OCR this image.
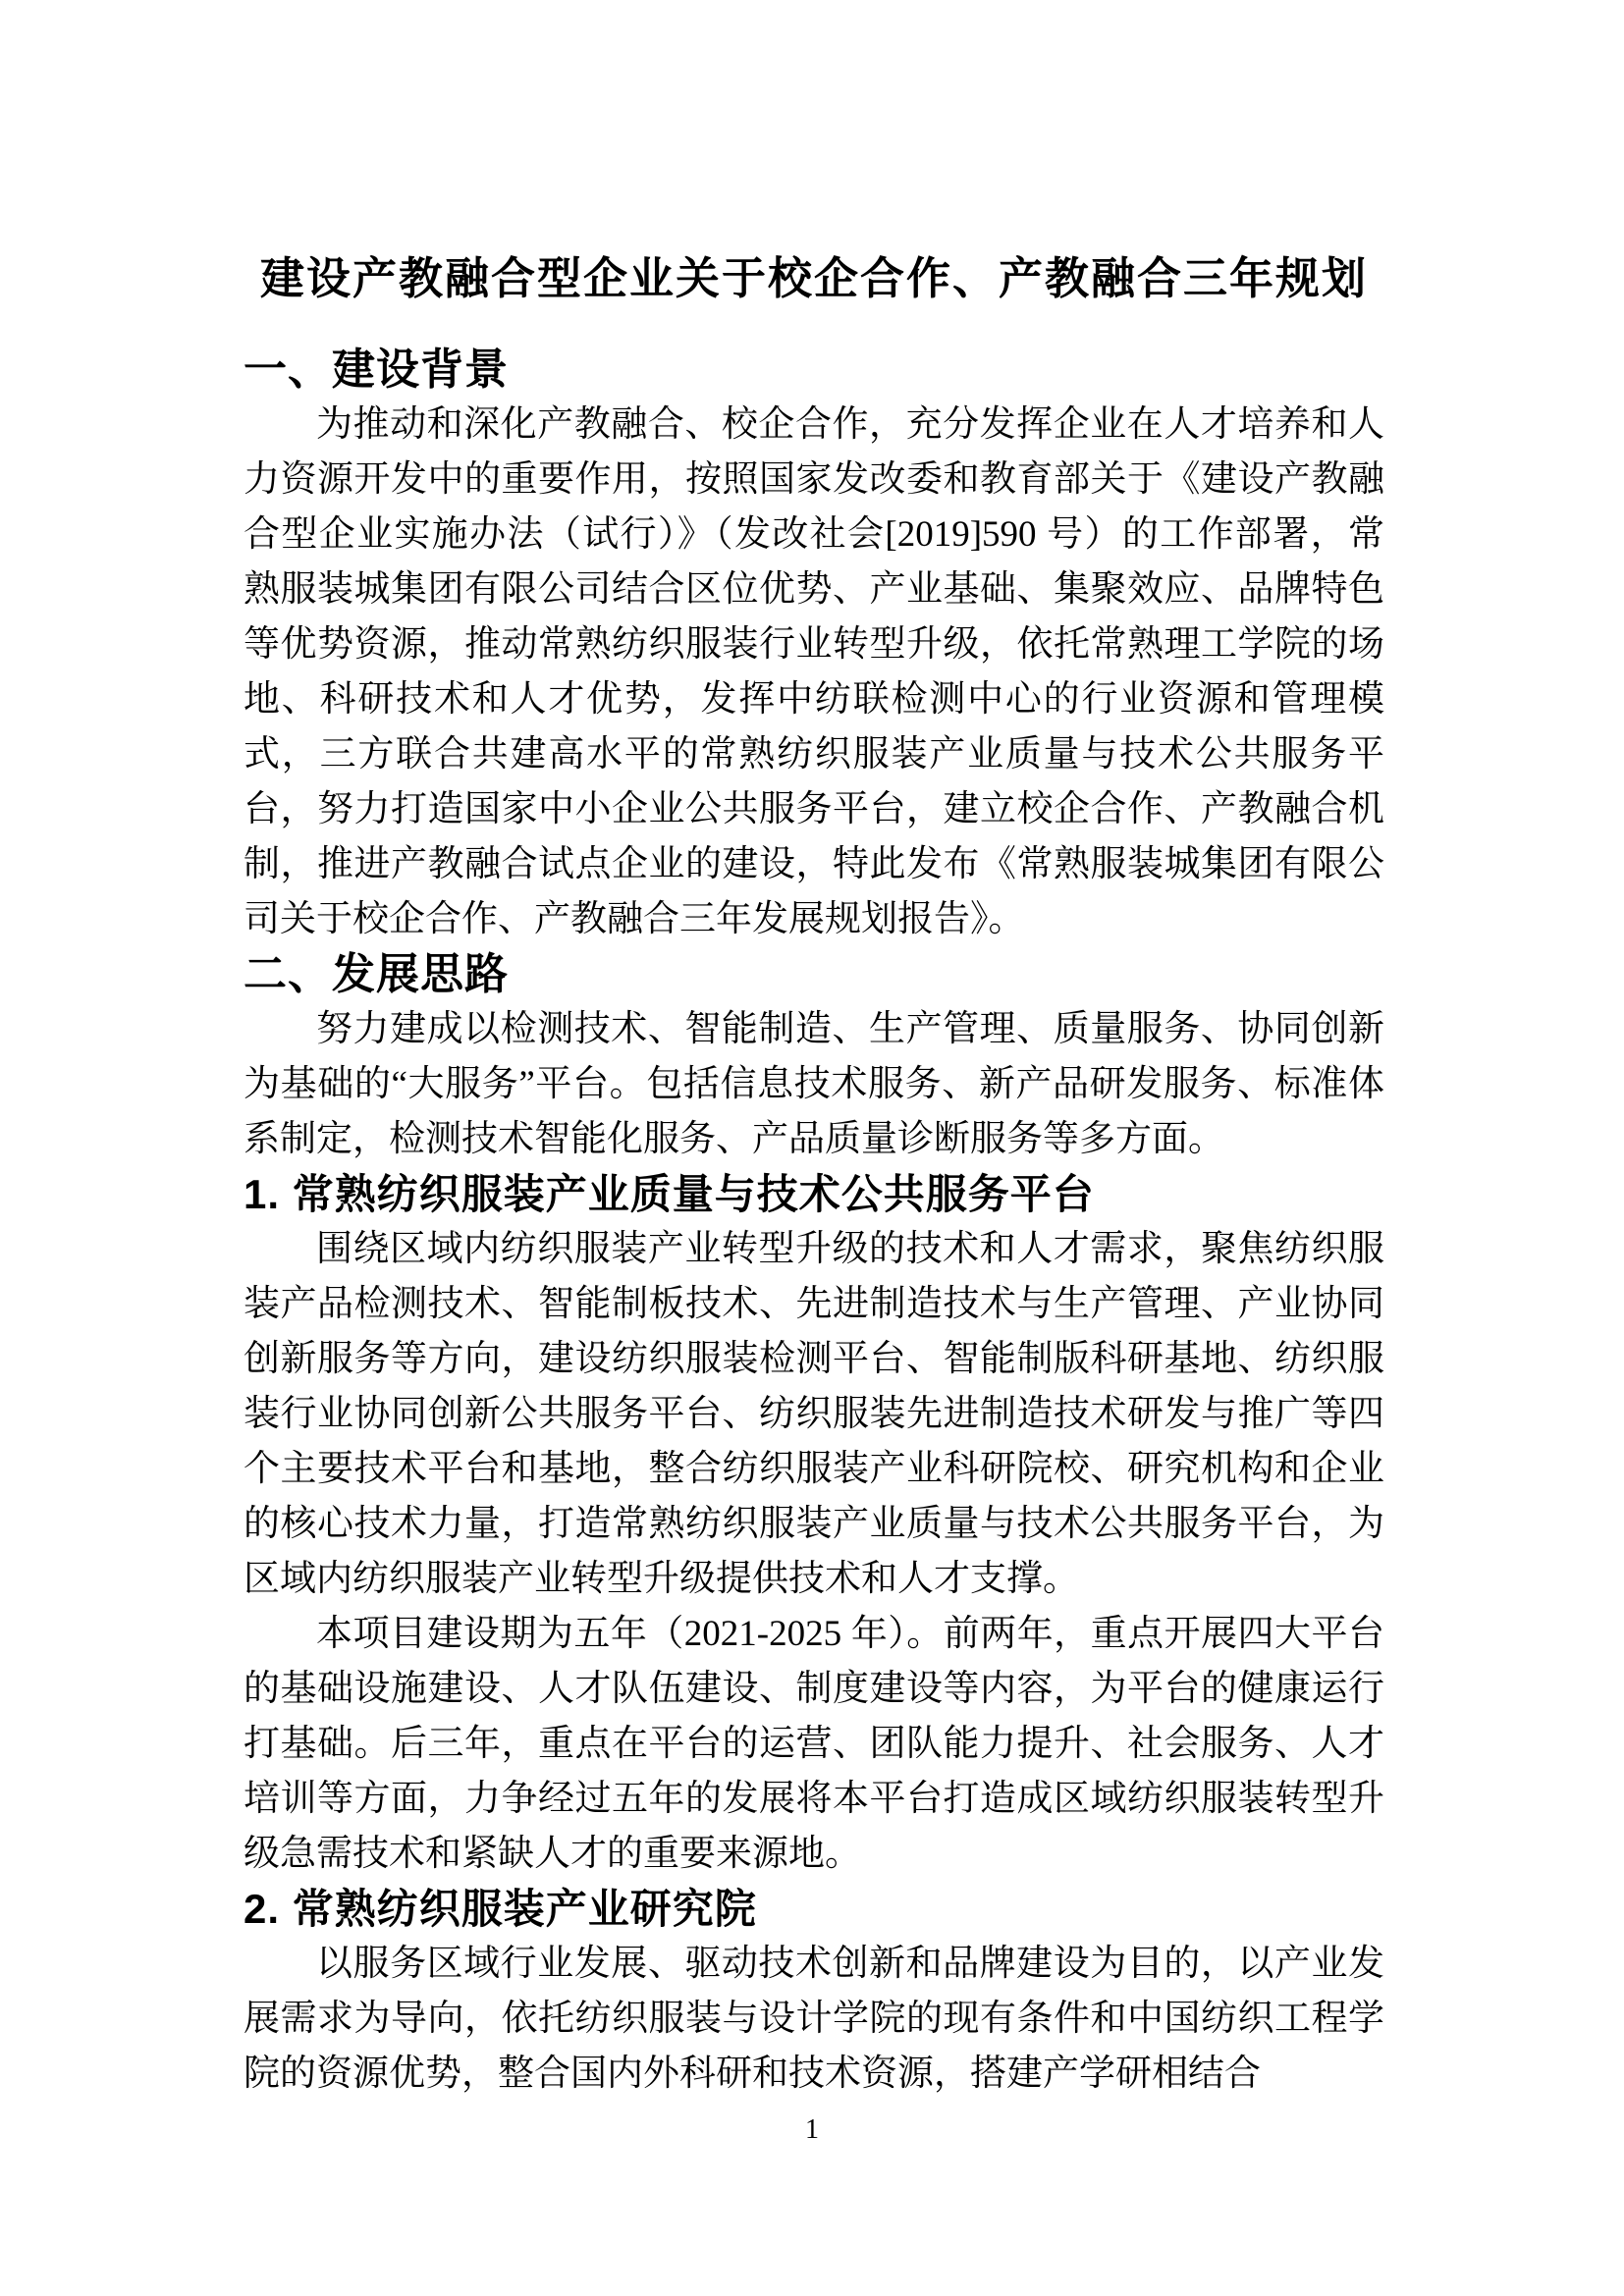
建设产教融合型企业关于校企合作、产教融合三年规划
一、建设背景

为推动和深化产教融合、校企合作，充分发挥企业在人才培养和人力资源开发中的重要作用，按照国家发改委和教育部关于《建设产教融合型企业实施办法（试行）》（发改社会[2019]590 号）的工作部署，常熟服装城集团有限公司结合区位优势、产业基础、集聚效应、品牌特色等优势资源，推动常熟纺织服装行业转型升级，依托常熟理工学院的场地、科研技术和人才优势，发挥中纺联检测中心的行业资源和管理模式，三方联合共建高水平的常熟纺织服装产业质量与技术公共服务平台，努力打造国家中小企业公共服务平台，建立校企合作、产教融合机制，推进产教融合试点企业的建设，特此发布《常熟服装城集团有限公司关于校企合作、产教融合三年发展规划报告》。

二、发展思路

努力建成以检测技术、智能制造、生产管理、质量服务、协同创新为基础的“大服务”平台。包括信息技术服务、新产品研发服务、标准体系制定，检测技术智能化服务、产品质量诊断服务等多方面。

1. 常熟纺织服装产业质量与技术公共服务平台

围绕区域内纺织服装产业转型升级的技术和人才需求，聚焦纺织服装产品检测技术、智能制板技术、先进制造技术与生产管理、产业协同创新服务等方向，建设纺织服装检测平台、智能制版科研基地、纺织服装行业协同创新公共服务平台、纺织服装先进制造技术研发与推广等四个主要技术平台和基地，整合纺织服装产业科研院校、研究机构和企业的核心技术力量，打造常熟纺织服装产业质量与技术公共服务平台，为区域内纺织服装产业转型升级提供技术和人才支撑。

本项目建设期为五年（2021-2025 年）。前两年，重点开展四大平台的基础设施建设、人才队伍建设、制度建设等内容，为平台的健康运行打基础。后三年，重点在平台的运营、团队能力提升、社会服务、人才培训等方面，力争经过五年的发展将本平台打造成区域纺织服装转型升级急需技术和紧缺人才的重要来源地。

2. 常熟纺织服装产业研究院

以服务区域行业发展、驱动技术创新和品牌建设为目的，以产业发展需求为导向，依托纺织服装与设计学院的现有条件和中国纺织工程学院的资源优势，整合国内外科研和技术资源，搭建产学研相结合

1
